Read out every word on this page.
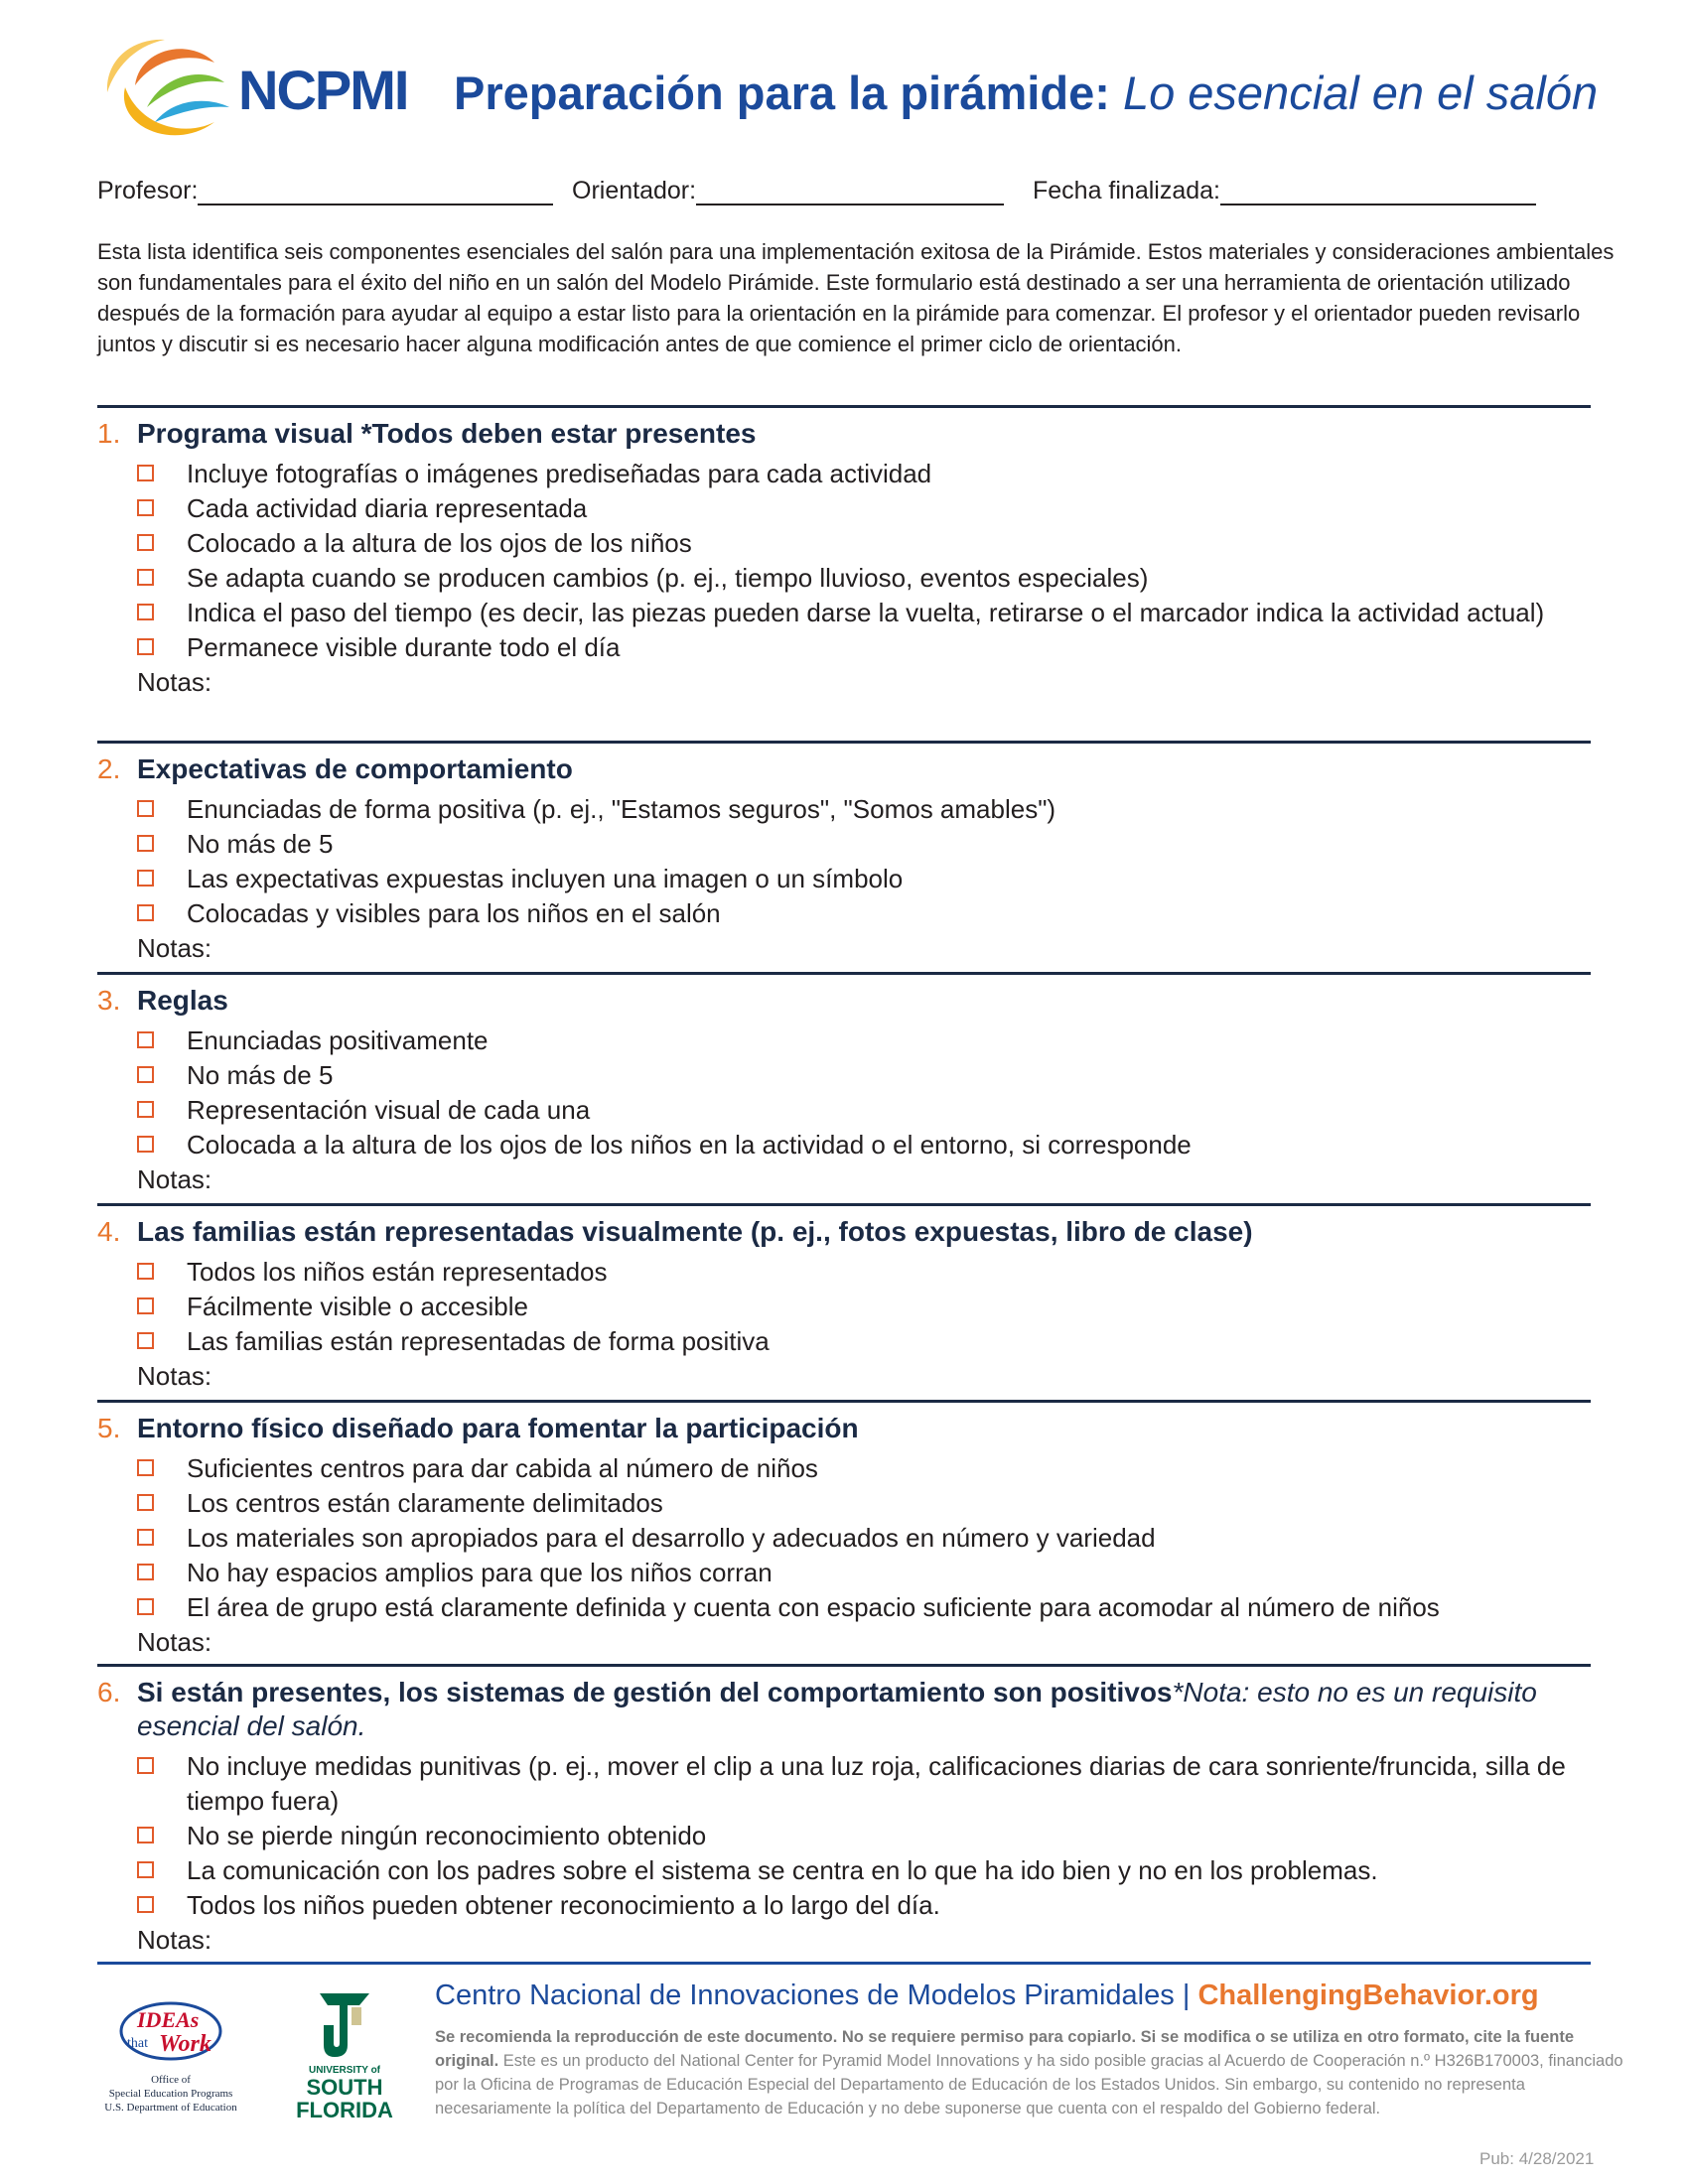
NCPMI Preparación para la pirámide: Lo esencial en el salón
Profesor:	Orientador:	Fecha finalizada:
Esta lista identifica seis componentes esenciales del salón para una implementación exitosa de la Pirámide. Estos materiales y consideraciones ambientales son fundamentales para el éxito del niño en un salón del Modelo Pirámide. Este formulario está destinado a ser una herramienta de orientación utilizado después de la formación para ayudar al equipo a estar listo para la orientación en la pirámide para comenzar. El profesor y el orientador pueden revisarlo juntos y discutir si es necesario hacer alguna modificación antes de que comience el primer ciclo de orientación.
1. Programa visual *Todos deben estar presentes
Incluye fotografías o imágenes prediseñadas para cada actividad
Cada actividad diaria representada
Colocado a la altura de los ojos de los niños
Se adapta cuando se producen cambios (p. ej., tiempo lluvioso, eventos especiales)
Indica el paso del tiempo (es decir, las piezas pueden darse la vuelta, retirarse o el marcador indica la actividad actual)
Permanece visible durante todo el día
Notas:
2. Expectativas de comportamiento
Enunciadas de forma positiva (p. ej., "Estamos seguros", "Somos amables")
No más de 5
Las expectativas expuestas incluyen una imagen o un símbolo
Colocadas y visibles para los niños en el salón
Notas:
3. Reglas
Enunciadas positivamente
No más de 5
Representación visual de cada una
Colocada a la altura de los ojos de los niños en la actividad o el entorno, si corresponde
Notas:
4. Las familias están representadas visualmente (p. ej., fotos expuestas, libro de clase)
Todos los niños están representados
Fácilmente visible o accesible
Las familias están representadas de forma positiva
Notas:
5. Entorno físico diseñado para fomentar la participación
Suficientes centros para dar cabida al número de niños
Los centros están claramente delimitados
Los materiales son apropiados para el desarrollo y adecuados en número y variedad
No hay espacios amplios para que los niños corran
El área de grupo está claramente definida y cuenta con espacio suficiente para acomodar al número de niños
Notas:
6. Si están presentes, los sistemas de gestión del comportamiento son positivos*Nota: esto no es un requisito esencial del salón.
No incluye medidas punitivas (p. ej., mover el clip a una luz roja, calificaciones diarias de cara sonriente/fruncida, silla de tiempo fuera)
No se pierde ningún reconocimiento obtenido
La comunicación con los padres sobre el sistema se centra en lo que ha ido bien y no en los problemas.
Todos los niños pueden obtener reconocimiento a lo largo del día.
Notas:
IDEAs
that Work
Office of
Special Education Programs
U.S. Department of Education
UNIVERSITY of
SOUTH
FLORIDA
Centro Nacional de Innovaciones de Modelos Piramidales | ChallengingBehavior.org
Se recomienda la reproducción de este documento. No se requiere permiso para copiarlo. Si se modifica o se utiliza en otro formato, cite la fuente original. Este es un producto del National Center for Pyramid Model Innovations y ha sido posible gracias al Acuerdo de Cooperación n.º H326B170003, financiado por la Oficina de Programas de Educación Especial del Departamento de Educación de los Estados Unidos. Sin embargo, su contenido no representa necesariamente la política del Departamento de Educación y no debe suponerse que cuenta con el respaldo del Gobierno federal.
Pub: 4/28/2021
